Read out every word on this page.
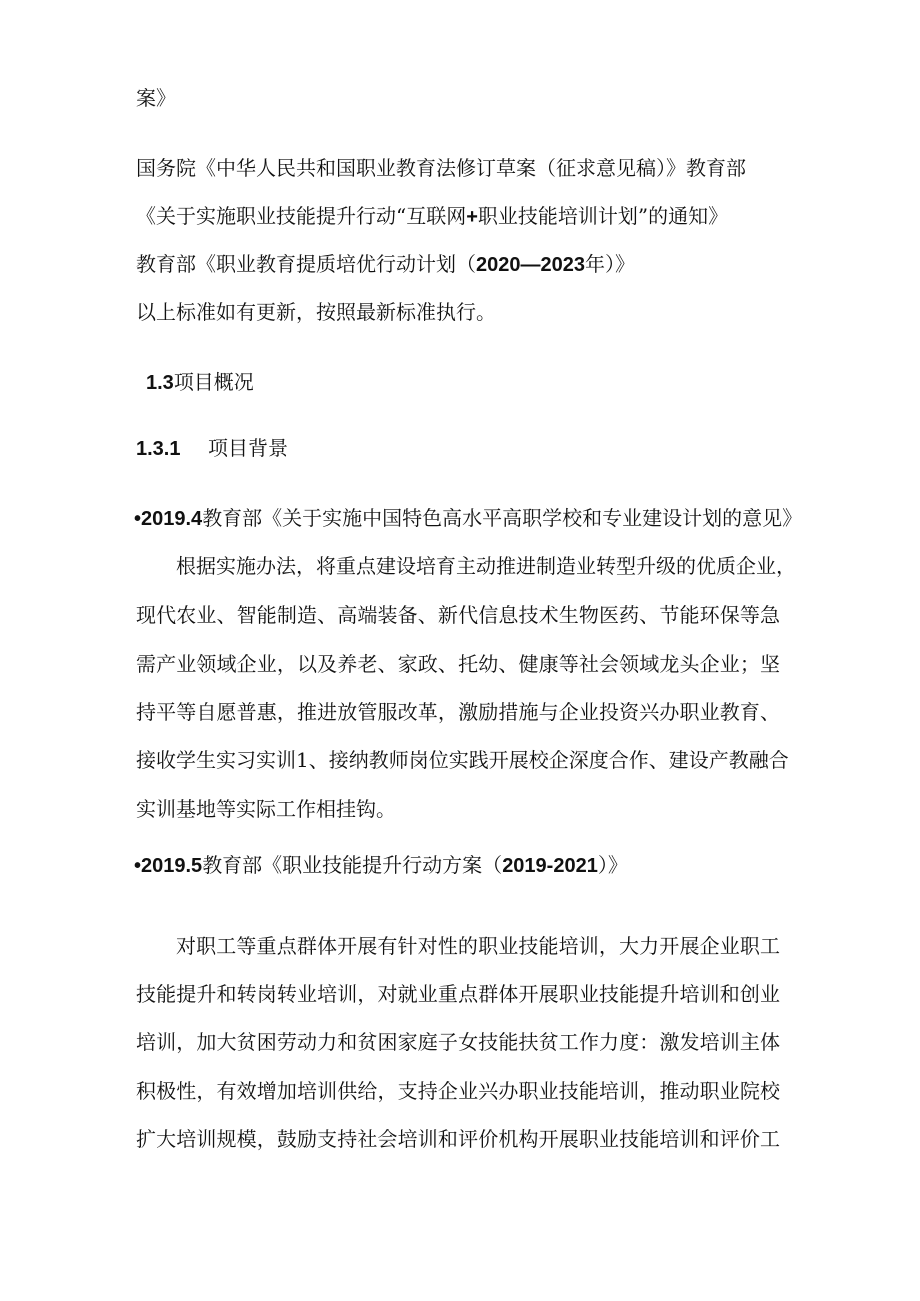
案》
国务院《中华人民共和国职业教育法修订草案（征求意见稿）》教育部
《关于实施职业技能提升行动“互联网+职业技能培训计划”的通知》
教育部《职业教育提质培优行动计划（2020—2023年）》
以上标准如有更新，按照最新标准执行。
1.3项目概况
1.3.1 项目背景
•2019.4教育部《关于实施中国特色高水平高职学校和专业建设计划的意见》
根据实施办法，将重点建设培育主动推进制造业转型升级的优质企业，
现代农业、智能制造、高端装备、新代信息技术生物医药、节能环保等急
需产业领域企业，以及养老、家政、托幼、健康等社会领域龙头企业；坚
持平等自愿普惠，推进放管服改革，激励措施与企业投资兴办职业教育、
接收学生实习实训1、接纳教师岗位实践开展校企深度合作、建设产教融合
实训基地等实际工作相挂钩。
•2019.5教育部《职业技能提升行动方案（2019-2021）》
对职工等重点群体开展有针对性的职业技能培训，大力开展企业职工
技能提升和转岗转业培训，对就业重点群体开展职业技能提升培训和创业
培训，加大贫困劳动力和贫困家庭子女技能扶贫工作力度：激发培训主体
积极性，有效增加培训供给，支持企业兴办职业技能培训，推动职业院校
扩大培训规模，鼓励支持社会培训和评价机构开展职业技能培训和评价工
